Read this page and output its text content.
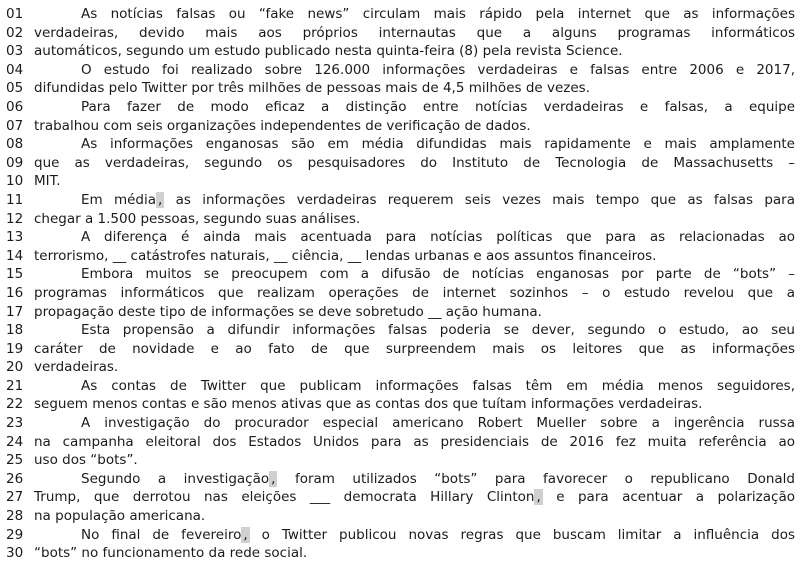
01	As notícias falsas ou “fake news” circulam mais rápido pela internet que as informações
02 verdadeiras, devido mais aos próprios internautas que a alguns programas informáticos
03 automáticos, segundo um estudo publicado nesta quinta-feira (8) pela revista Science.
04	O estudo foi realizado sobre 126.000 informações verdadeiras e falsas entre 2006 e 2017,
05 difundidas pelo Twitter por três milhões de pessoas mais de 4,5 milhões de vezes.
06	Para fazer de modo eficaz a distinção entre notícias verdadeiras e falsas, a equipe
07 trabalhou com seis organizações independentes de verificação de dados.
08	As informações enganosas são em média difundidas mais rapidamente e mais amplamente
09 que as verdadeiras, segundo os pesquisadores do Instituto de Tecnologia de Massachusetts –
10 MIT.
11	Em média , as informações verdadeiras requerem seis vezes mais tempo que as falsas para
12 chegar a 1.500 pessoas, segundo suas análises.
13	A diferença é ainda mais acentuada para notícias políticas que para as relacionadas ao
14 terrorismo, __ catástrofes naturais, __ ciência, __ lendas urbanas e aos assuntos financeiros.
15	Embora muitos se preocupem com a difusão de notícias enganosas por parte de “bots” –
16 programas informáticos que realizam operações de internet sozinhos – o estudo revelou que a
17 propagação deste tipo de informações se deve sobretudo __ ação humana.
18	Esta propensão a difundir informações falsas poderia se dever, segundo o estudo, ao seu
19 caráter de novidade e ao fato de que surpreendem mais os leitores que as informações
20 verdadeiras.
21	As contas de Twitter que publicam informações falsas têm em média menos seguidores,
22 seguem menos contas e são menos ativas que as contas dos que tuítam informações verdadeiras.
23	A investigação do procurador especial americano Robert Mueller sobre a ingerência russa
24 na campanha eleitoral dos Estados Unidos para as presidenciais de 2016 fez muita referência ao
25 uso dos “bots”.
26	Segundo a investigação , foram utilizados “bots” para favorecer o republicano Donald
27 Trump, que derrotou nas eleições ___ democrata Hillary Clinton , e para acentuar a polarização
28 na população americana.
29	No final de fevereiro , o Twitter publicou novas regras que buscam limitar a influência dos
30 “bots” no funcionamento da rede social.
